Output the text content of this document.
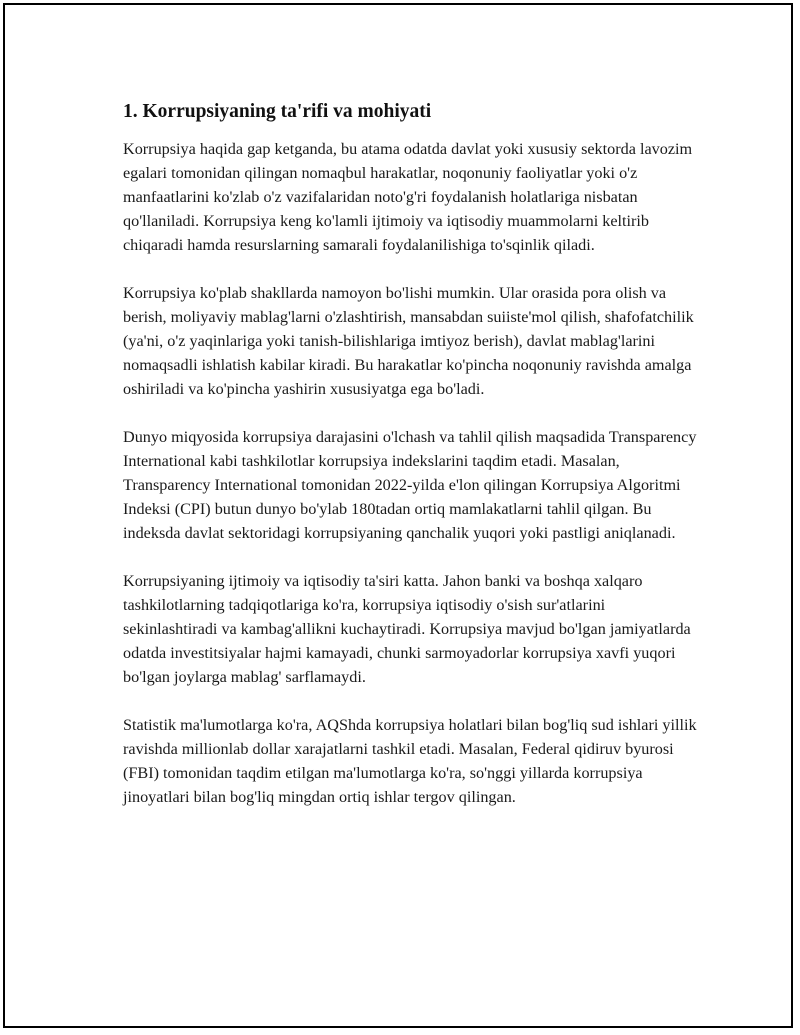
1. Korrupsiyaning ta'rifi va mohiyati

Korrupsiya haqida gap ketganda, bu atama odatda davlat yoki xususiy sektorda lavozim egalari tomonidan qilingan nomaqbul harakatlar, noqonuniy faoliyatlar yoki o'z manfaatlarini ko'zlab o'z vazifalaridan noto'g'ri foydalanish holatlariga nisbatan qo'llaniladi. Korrupsiya keng ko'lamli ijtimoiy va iqtisodiy muammolarni keltirib chiqaradi hamda resurslarning samarali foydalanilishiga to'sqinlik qiladi.

Korrupsiya ko'plab shakllarda namoyon bo'lishi mumkin. Ular orasida pora olish va berish, moliyaviy mablag'larni o'zlashtirish, mansabdan suiiste'mol qilish, shafofatchilik (ya'ni, o'z yaqinlariga yoki tanish-bilishlariga imtiyoz berish), davlat mablag'larini nomaqsadli ishlatish kabilar kiradi. Bu harakatlar ko'pincha noqonuniy ravishda amalga oshiriladi va ko'pincha yashirin xususiyatga ega bo'ladi.

Dunyo miqyosida korrupsiya darajasini o'lchash va tahlil qilish maqsadida Transparency International kabi tashkilotlar korrupsiya indekslarini taqdim etadi. Masalan, Transparency International tomonidan 2022-yilda e'lon qilingan Korrupsiya Algoritmi Indeksi (CPI) butun dunyo bo'ylab 180tadan ortiq mamlakatlarni tahlil qilgan. Bu indeksda davlat sektoridagi korrupsiyaning qanchalik yuqori yoki pastligi aniqlanadi.

Korrupsiyaning ijtimoiy va iqtisodiy ta'siri katta. Jahon banki va boshqa xalqaro tashkilotlarning tadqiqotlariga ko'ra, korrupsiya iqtisodiy o'sish sur'atlarini sekinlashtiradi va kambag'allikni kuchaytiradi. Korrupsiya mavjud bo'lgan jamiyatlarda odatda investitsiyalar hajmi kamayadi, chunki sarmoyadorlar korrupsiya xavfi yuqori bo'lgan joylarga mablag' sarflamaydi.

Statistik ma'lumotlarga ko'ra, AQShda korrupsiya holatlari bilan bog'liq sud ishlari yillik ravishda millionlab dollar xarajatlarni tashkil etadi. Masalan, Federal qidiruv byurosi (FBI) tomonidan taqdim etilgan ma'lumotlarga ko'ra, so'nggi yillarda korrupsiya jinoyatlari bilan bog'liq mingdan ortiq ishlar tergov qilingan.
